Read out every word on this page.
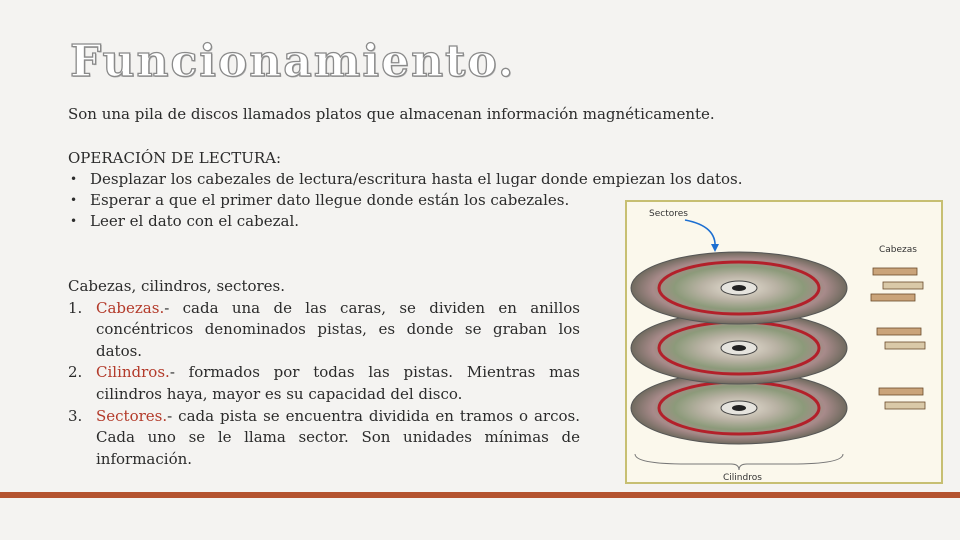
Funcionamiento.

Son una pila de discos llamados platos que almacenan información magnéticamente.

OPERACIÓN DE LECTURA:

• Desplazar los cabezales de lectura/escritura hasta el lugar donde empiezan los datos.
• Esperar a que el primer dato llegue donde están los cabezales.
• Leer el dato con el cabezal.

Cabezas, cilindros, sectores.

1. Cabezas.- cada una de las caras, se dividen en anillos concéntricos denominados pistas, es donde se graban los datos.
2. Cilindros.- formados por todas las pistas. Mientras mas cilindros haya, mayor es su capacidad del disco.
3. Sectores.- cada pista se encuentra dividida en tramos o arcos. Cada uno se le llama sector. Son unidades mínimas de información.
Sectores
Cabezas
Cilindros
